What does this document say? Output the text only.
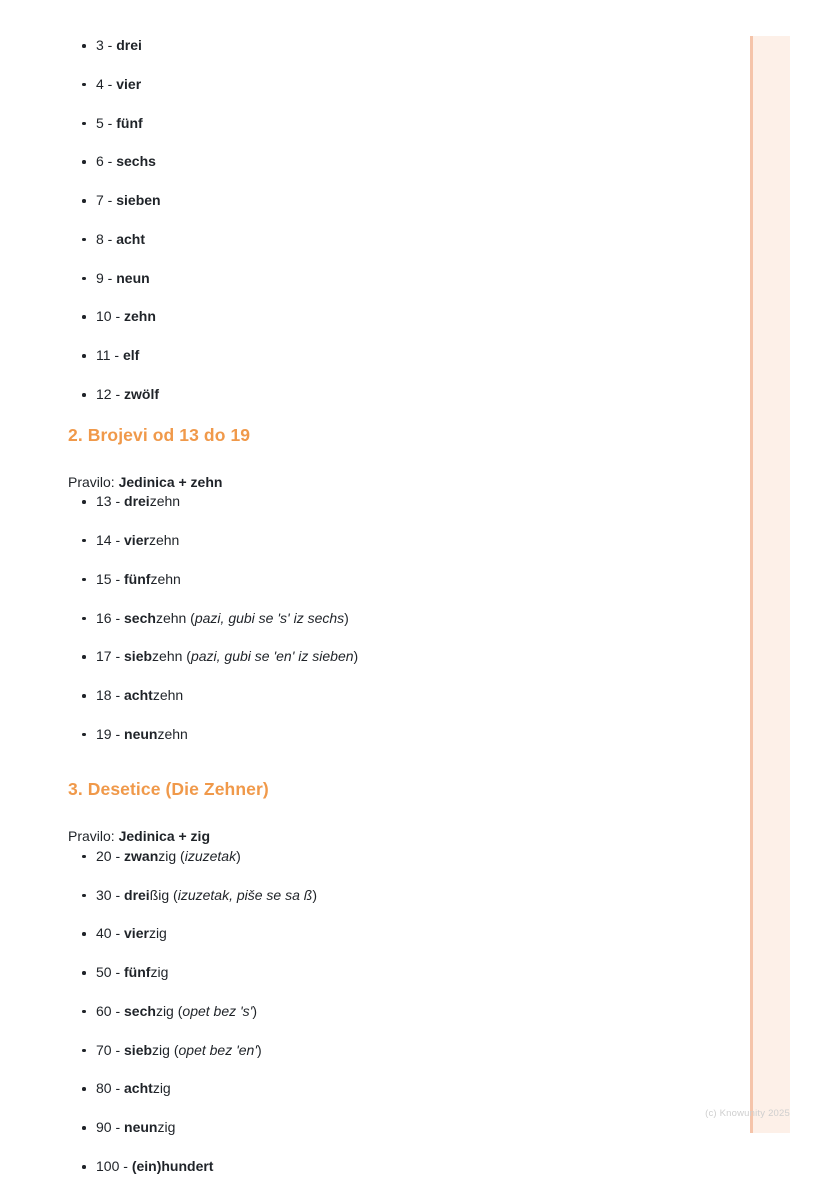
3 - drei
4 - vier
5 - fünf
6 - sechs
7 - sieben
8 - acht
9 - neun
10 - zehn
11 - elf
12 - zwölf
2. Brojevi od 13 do 19
Pravilo: Jedinica + zehn
13 - dreizehn
14 - vierzehn
15 - fünfzehn
16 - sechzehn (pazi, gubi se 's' iz sechs)
17 - siebzehn (pazi, gubi se 'en' iz sieben)
18 - achtzehn
19 - neunzehn
3. Desetice (Die Zehner)
Pravilo: Jedinica + zig
20 - zwanzig (izuzetak)
30 - dreißig (izuzetak, piše se sa ß)
40 - vierzig
50 - fünfzig
60 - sechzig (opet bez 's')
70 - siebzig (opet bez 'en')
80 - achtzig
90 - neunzig
100 - (ein)hundert
(c) Knowunity 2025
